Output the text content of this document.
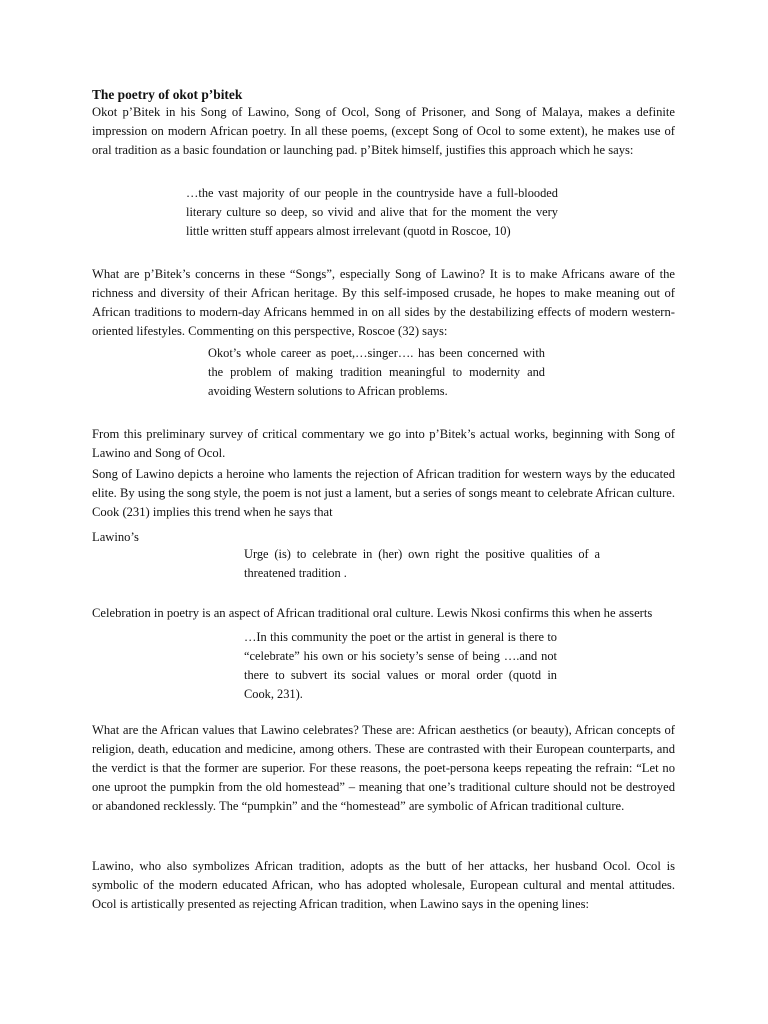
The poetry of okot p’bitek

Okot p’Bitek in his Song of Lawino, Song of Ocol, Song of Prisoner, and Song of Malaya, makes a definite impression on modern African poetry. In all these poems, (except Song of Ocol to some extent), he makes use of oral tradition as a basic foundation or launching pad. p’Bitek himself, justifies this approach which he says:

…the vast majority of our people in the countryside have a full-blooded literary culture so deep, so vivid and alive that for the moment the very little written stuff appears almost irrelevant (quotd in Roscoe, 10)

What are p’Bitek’s concerns in these “Songs”, especially Song of Lawino? It is to make Africans aware of the richness and diversity of their African heritage. By this self-imposed crusade, he hopes to make meaning out of African traditions to modern-day Africans hemmed in on all sides by the destabilizing effects of modern western-oriented lifestyles. Commenting on this perspective, Roscoe (32) says:

Okot’s whole career as poet,…singer…. has been concerned with the problem of making tradition meaningful to modernity and avoiding Western solutions to African problems.

From this preliminary survey of critical commentary we go into p’Bitek’s actual works, beginning with Song of Lawino and Song of Ocol.

Song of Lawino depicts a heroine who laments the rejection of African tradition for western ways by the educated elite. By using the song style, the poem is not just a lament, but a series of songs meant to celebrate African culture. Cook (231) implies this trend when he says that

Lawino’s
Urge (is) to celebrate in (her) own right the positive qualities of a threatened tradition .

Celebration in poetry is an aspect of African traditional oral culture. Lewis Nkosi confirms this when he asserts

…In this community the poet or the artist in general is there to “celebrate” his own or his society’s sense of being ….and not there to subvert its social values or moral order (quotd in Cook, 231).

What are the African values that Lawino celebrates? These are: African aesthetics (or beauty), African concepts of religion, death, education and medicine, among others. These are contrasted with their European counterparts, and the verdict is that the former are superior. For these reasons, the poet-persona keeps repeating the refrain: “Let no one uproot the pumpkin from the old homestead” – meaning that one’s traditional culture should not be destroyed or abandoned recklessly. The “pumpkin” and the “homestead” are symbolic of African traditional culture.

Lawino, who also symbolizes African tradition, adopts as the butt of her attacks, her husband Ocol. Ocol is symbolic of the modern educated African, who has adopted wholesale, European cultural and mental attitudes. Ocol is artistically presented as rejecting African tradition, when Lawino says in the opening lines:
